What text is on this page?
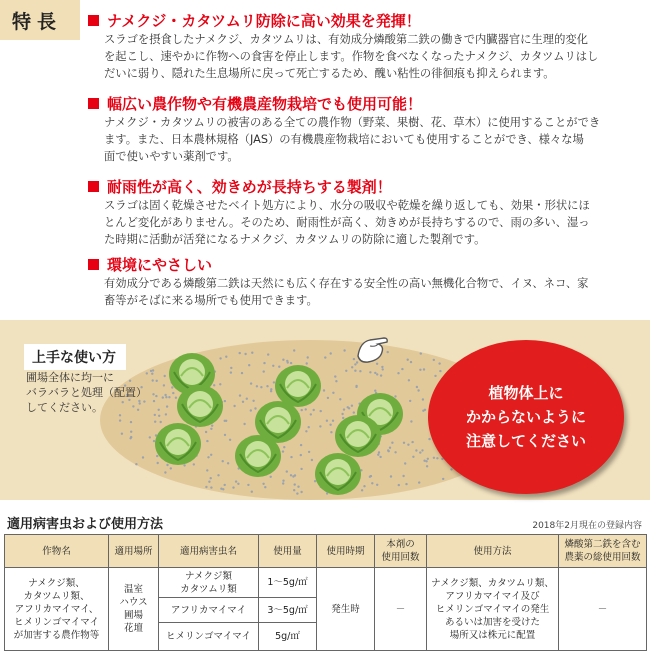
特長	ナメクジ・カタツムリ防除に高い効果を発揮！

スラゴを摂食したナメクジ、カタツムリは、有効成分燐酸第二鉄の働きで内臓器官に生理的変化
を起こし、速やかに作物への食害を停止します。作物を食べなくなったナメクジ、カタツムリはし
だいに弱り、隠れた生息場所に戻って死亡するため、醜い粘性の徘徊痕も抑えられます。

幅広い農作物や有機農産物栽培でも使用可能！

ナメクジ・カタツムリの被害のある全ての農作物（野菜、果樹、花、草木）に使用することができ
ます。また、日本農林規格（JAS）の有機農産物栽培においても使用することができ、様々な場
面で使いやすい薬剤です。

耐雨性が高く、効きめが長持ちする製剤！

スラゴは固く乾燥させたベイト処方により、水分の吸収や乾燥を繰り返しても、効果・形状にほ
とんど変化がありません。そのため、耐雨性が高く、効きめが長持ちするので、雨の多い、湿っ
た時期に活動が活発になるナメクジ、カタツムリの防除に適した製剤です。

環境にやさしい

有効成分である燐酸第二鉄は天然にも広く存在する安全性の高い無機化合物で、イヌ、ネコ、家
畜等がそばに来る場所でも使用できます。

上手な使い方
圃場全体に均一に
バラバラと処理（配置）
してください。
植物体上に
かからないように
注意してください
適用病害虫および使用方法	2018年2月現在の登録内容
作物名	適用場所	適用病害虫名	使用量	使用時期	本剤の
使用回数	使用方法	燐酸第二鉄を含む
農薬の総使用回数
ナメクジ類、
カタツムリ類、
アフリカマイマイ、
ヒメリンゴマイマイ
が加害する農作物等	温室
ハウス
圃場
花壇	ナメクジ類
カタツムリ類	1～5g/㎡	発生時	－	ナメクジ類、カタツムリ類、
アフリカマイマイ及び
ヒメリンゴマイマイの発生
あるいは加害を受けた
場所又は株元に配置	－
		アフリカマイマイ	3～5g/㎡				
		ヒメリンゴマイマイ	5g/㎡				
